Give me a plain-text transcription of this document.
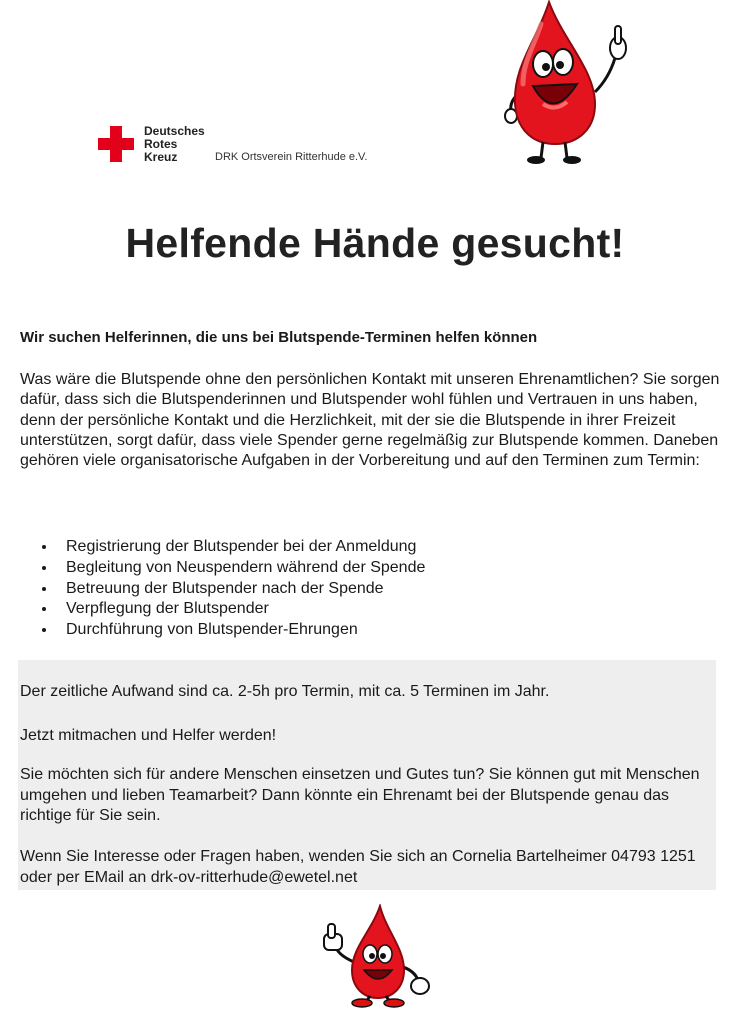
Deutsches
Rotes
Kreuz	DRK Ortsverein Ritterhude e.V.
Helfende Hände gesucht!

Wir suchen Helferinnen, die uns bei Blutspende-Terminen helfen können

Was wäre die Blutspende ohne den persönlichen Kontakt mit unseren Ehrenamtlichen? Sie sorgen dafür, dass sich die Blutspenderinnen und Blutspender wohl fühlen und Vertrauen in uns haben, denn der persönliche Kontakt und die Herzlichkeit, mit der sie die Blutspende in ihrer Freizeit unterstützen, sorgt dafür, dass viele Spender gerne regelmäßig zur Blutspende kommen. Daneben gehören viele organisatorische Aufgaben in der Vorbereitung und auf den Terminen zum Termin:

Registrierung der Blutspender bei der Anmeldung
Begleitung von Neuspendern während der Spende
Betreuung der Blutspender nach der Spende
Verpflegung der Blutspender
Durchführung von Blutspender-Ehrungen

Der zeitliche Aufwand sind ca. 2-5h pro Termin, mit ca. 5 Terminen im Jahr.

Jetzt mitmachen und Helfer werden!

Sie möchten sich für andere Menschen einsetzen und Gutes tun? Sie können gut mit Menschen umgehen und lieben Teamarbeit? Dann könnte ein Ehrenamt bei der Blutspende genau das richtige für Sie sein.

Wenn Sie Interesse oder Fragen haben, wenden Sie sich an Cornelia Bartelheimer 04793 1251 oder per EMail an drk-ov-ritterhude@ewetel.net
